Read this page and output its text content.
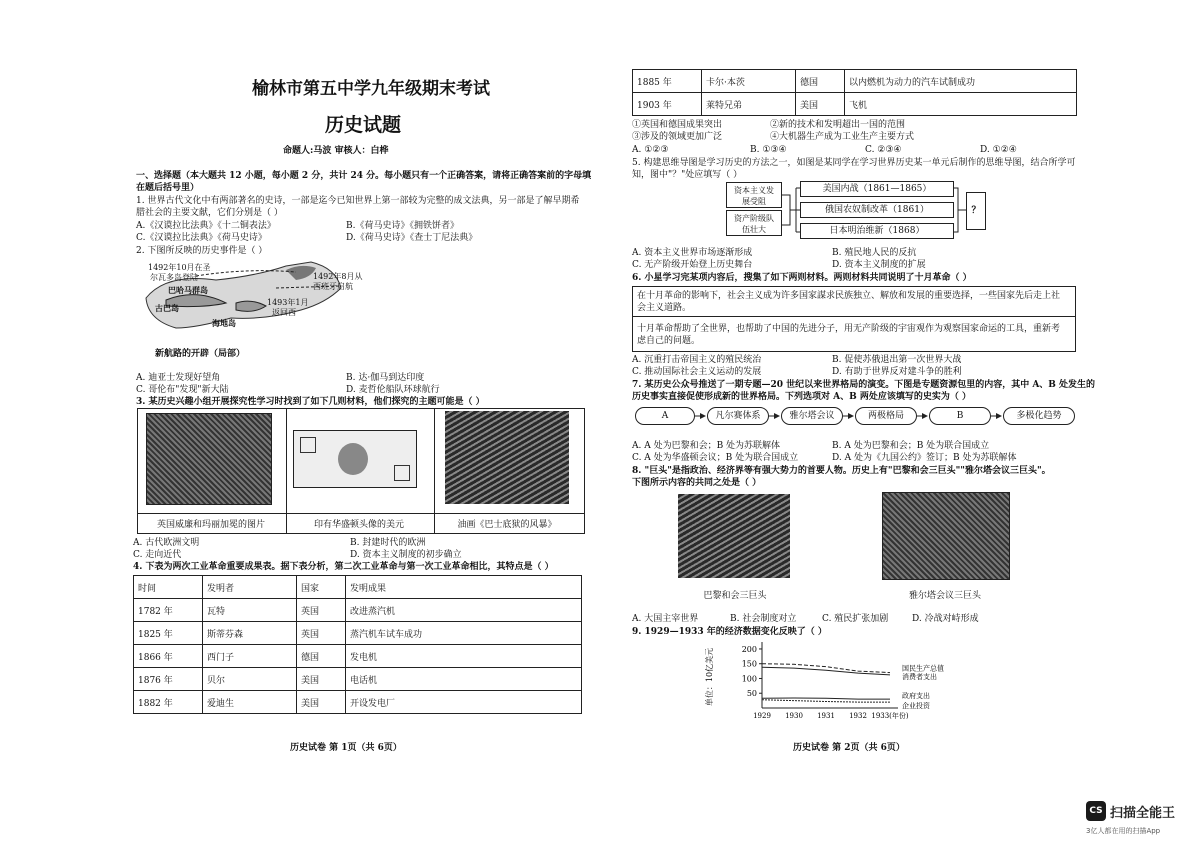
榆林市第五中学九年级期末考试
历史试题
命题人:马波 审核人：白桦
一、选择题（本大题共 12 小题，每小题 2 分，共计 24 分。每小题只有一个正确答案，请将正确答案前的字母填
在题后括号里）
1. 世界古代文化中有两部著名的史诗，一部是迄今已知世界上第一部较为完整的成文法典，另一部是了解早期希
腊社会的主要文献，它们分别是（ ）
A.《汉谟拉比法典》《十二铜表法》	B.《荷马史诗》《拥铁饼者》
C.《汉谟拉比法典》《荷马史诗》	D.《荷马史诗》《查士丁尼法典》
2. 下图所反映的历史事件是（ ）
1492年10月在圣
尔瓦多岛登陆
巴哈马群岛
古巴岛
海地岛
1492年8月从
西班牙启航
1493年1月
返回西
新航路的开辟（局部）
A. 迪亚士发现好望角	B. 达·伽马到达印度
C. 哥伦布"发现"新大陆	D. 麦哲伦船队环球航行
3. 某历史兴趣小组开展探究性学习时找到了如下几则材料，他们探究的主题可能是（ ）
英国威廉和玛丽加冕的图片	印有华盛顿头像的美元	油画《巴士底狱的风暴》
A. 古代欧洲文明	B. 封建时代的欧洲
C. 走向近代	D. 资本主义制度的初步确立
4. 下表为两次工业革命重要成果表。据下表分析，第二次工业革命与第一次工业革命相比，其特点是（ ）
时间	发明者	国家	发明成果
1782 年	瓦特	英国	改进蒸汽机
1825 年	斯蒂芬森	英国	蒸汽机车试车成功
1866 年	西门子	德国	发电机
1876 年	贝尔	美国	电话机
1882 年	爱迪生	美国	开设发电厂
历史试卷 第 1页（共 6页）
1885 年	卡尔·本茨	德国	以内燃机为动力的汽车试制成功
1903 年	莱特兄弟	美国	飞机
①英国和德国成果突出	②新的技术和发明超出一国的范围
③涉及的领域更加广泛	④大机器生产成为工业生产主要方式
A. ①②③	B. ①③④	C. ②③④	D. ①②④
5. 构建思维导图是学习历史的方法之一，如图是某同学在学习世界历史某一单元后制作的思维导图，结合所学可
知，图中"？"处应填写（ ）
资本主义发展受阻
资产阶级队伍壮大
美国内战（1861—1865）
俄国农奴制改革（1861）
日本明治维新（1868）
？
A. 资本主义世界市场逐渐形成	B. 殖民地人民的反抗
C. 无产阶级开始登上历史舞台	D. 资本主义制度的扩展
6. 小星学习完某项内容后，搜集了如下两则材料。两则材料共同说明了十月革命（ ）
在十月革命的影响下，社会主义成为许多国家謀求民族独立、解放和发展的重要选择，一些国家先后走上社
会主义道路。
十月革命帮助了全世界，也帮助了中国的先进分子，用无产阶级的宇宙观作为观察国家命运的工具，重新考
虑自己的问题。
A. 沉重打击帝国主义的殖民统治	B. 促使苏俄退出第一次世界大战
C. 推动国际社会主义运动的发展	D. 有助于世界反对建斗争的胜利
7. 某历史公众号推送了一期专题—20 世纪以来世界格局的演变。下图是专题资源包里的内容，其中 A、B 处发生的
历史事实直接促使形成新的世界格局。下列选项对 A、B 两处应该填写的史实为（ ）
A	凡尔赛体系	雅尔塔会议	两极格局	B	多极化趋势
A. A 处为巴黎和会；B 处为苏联解体	B. A 处为巴黎和会；B 处为联合国成立
C. A 处为华盛顿会议；B 处为联合国成立	D. A 处为《九国公约》签订；B 处为苏联解体
8. "巨头"是指政治、经济界等有强大势力的首要人物。历史上有"巴黎和会三巨头""雅尔塔会议三巨头"。
下图所示内容的共同之处是（ ）
巴黎和会三巨头	雅尔塔会议三巨头
A. 大国主宰世界	B. 社会制度对立	C. 殖民扩张加剧	D. 冷战对峙形成
9. 1929—1933 年的经济数据变化反映了（ ）
200
150
100
50
1929 1930 1931 1932 1933(年份)
单位：10亿美元	国民生产总值
消费者支出
政府支出
企业投资
历史试卷 第 2页（共 6页）
CS 扫描全能王
3亿人都在用的扫描App
